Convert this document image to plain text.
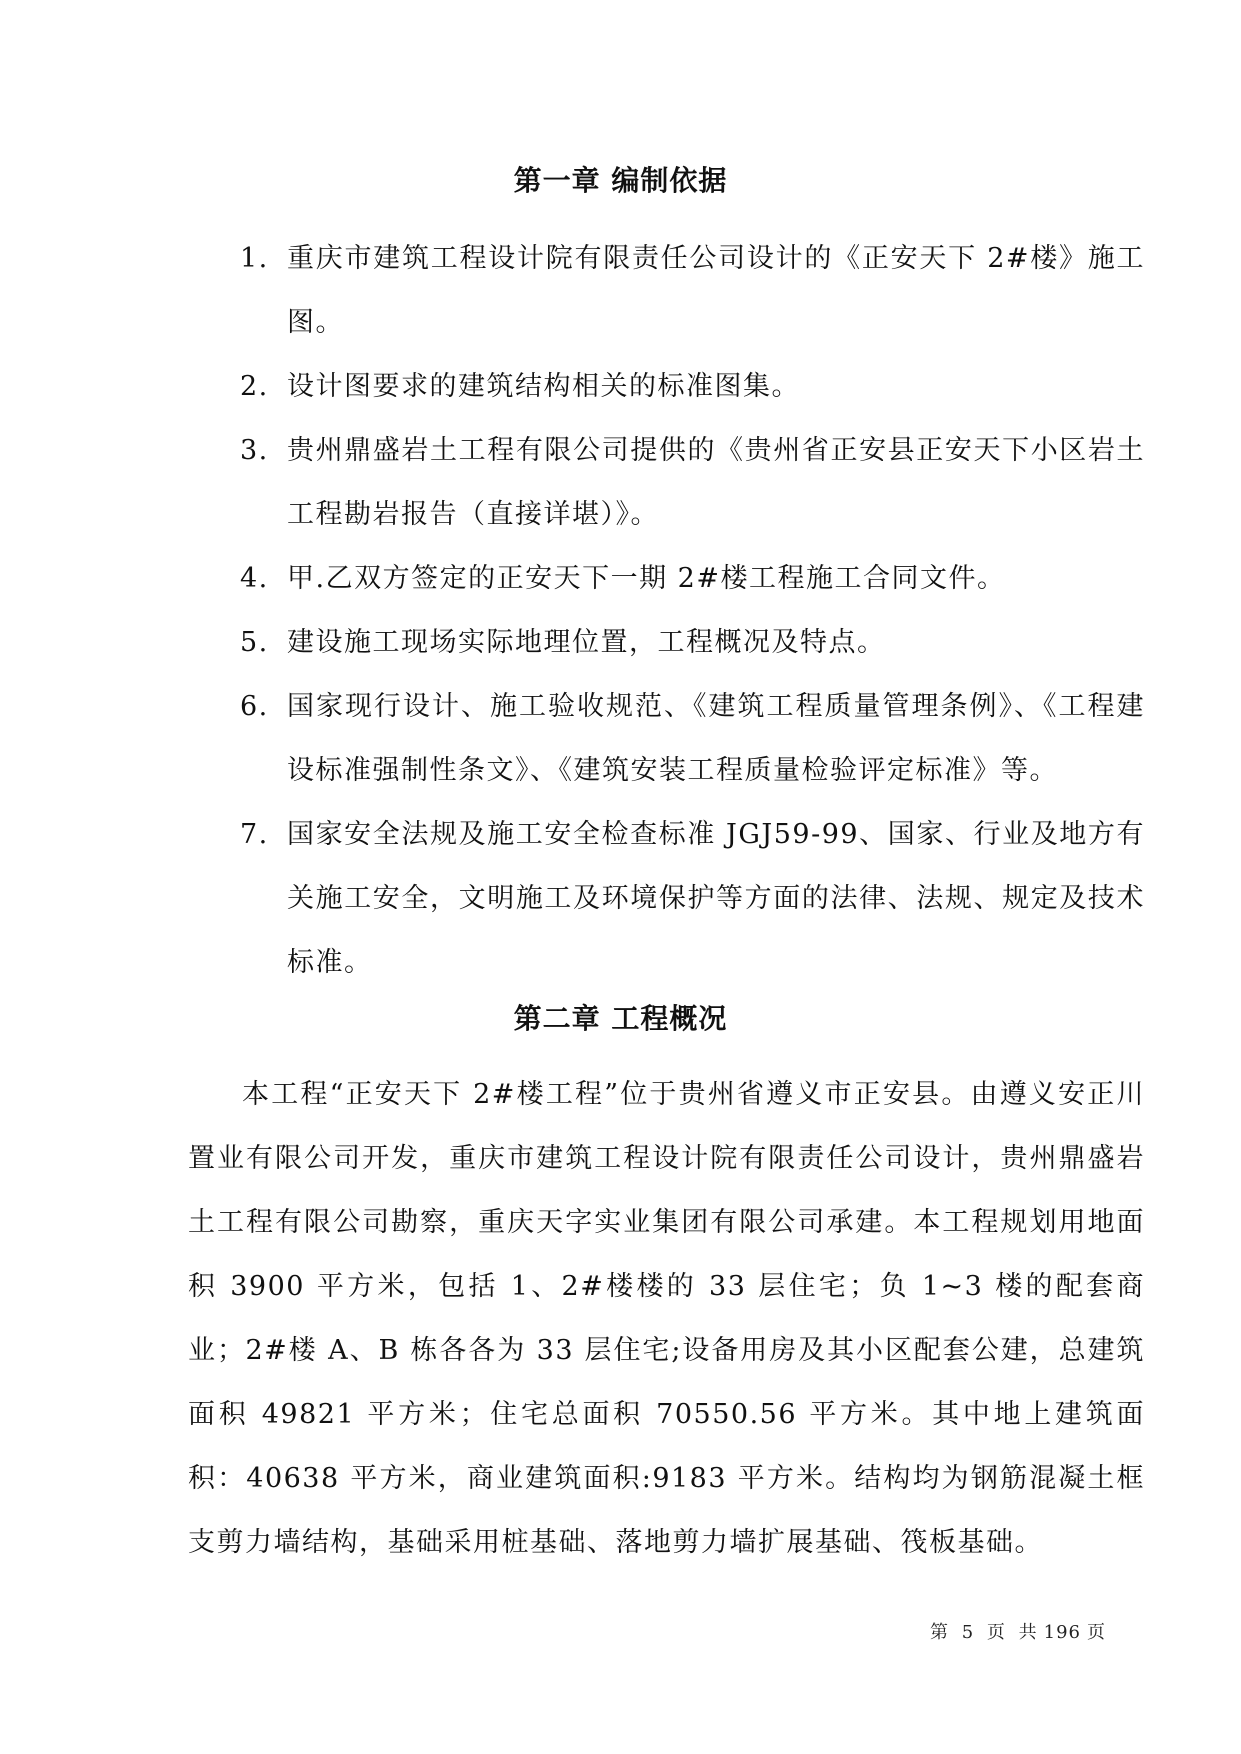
第一章 编制依据
1. 重庆市建筑工程设计院有限责任公司设计的《正安天下 2#楼》施工图。
2. 设计图要求的建筑结构相关的标准图集。
3. 贵州鼎盛岩土工程有限公司提供的《贵州省正安县正安天下小区岩土工程勘岩报告（直接详堪）》。
4. 甲.乙双方签定的正安天下一期 2#楼工程施工合同文件。
5. 建设施工现场实际地理位置，工程概况及特点。
6. 国家现行设计、施工验收规范、《建筑工程质量管理条例》、《工程建设标准强制性条文》、《建筑安装工程质量检验评定标准》等。
7. 国家安全法规及施工安全检查标准 JGJ59-99、国家、行业及地方有关施工安全，文明施工及环境保护等方面的法律、法规、规定及技术标准。
第二章 工程概况

本工程“正安天下 2#楼工程”位于贵州省遵义市正安县。由遵义安正川置业有限公司开发，重庆市建筑工程设计院有限责任公司设计，贵州鼎盛岩土工程有限公司勘察，重庆天字实业集团有限公司承建。本工程规划用地面积 3900 平方米，包括 1、2#楼楼的 33 层住宅；负 1~3 楼的配套商业；2#楼 A、B 栋各各为 33 层住宅;设备用房及其小区配套公建，总建筑面积 49821 平方米；住宅总面积 70550.56 平方米。其中地上建筑面积：40638 平方米，商业建筑面积:9183 平方米。结构均为钢筋混凝土框支剪力墙结构，基础采用桩基础、落地剪力墙扩展基础、筏板基础。

第 5 页 共 196 页
